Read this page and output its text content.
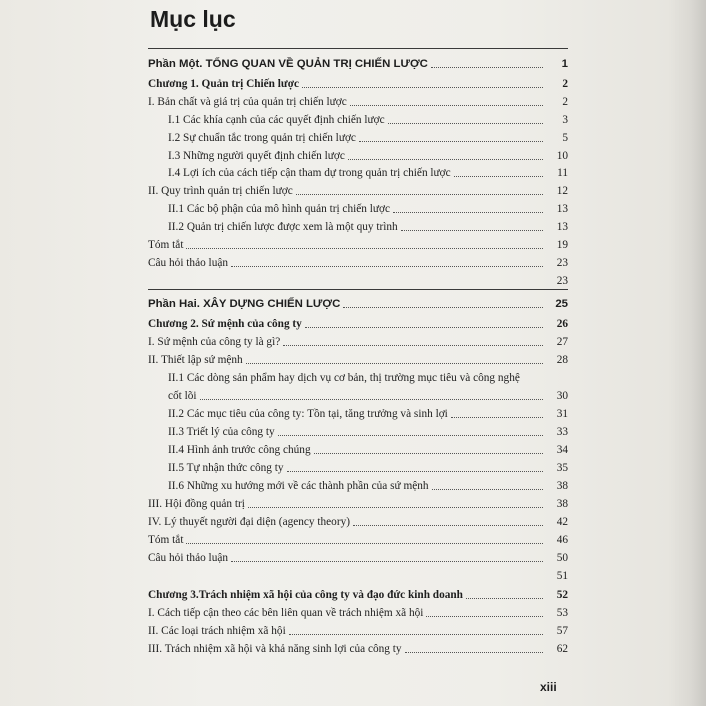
Mục lục
Phần Một. TỔNG QUAN VỀ QUẢN TRỊ CHIẾN LƯỢC	1
Chương 1. Quản trị Chiến lược	2
I. Bản chất và giá trị của quản trị chiến lược	2
I.1 Các khía cạnh của các quyết định chiến lược	3
I.2 Sự chuẩn tắc trong quản trị chiến lược	5
I.3 Những người quyết định chiến lược	10
I.4 Lợi ích của cách tiếp cận tham dự trong quản trị chiến lược	11
II. Quy trình quản trị chiến lược	12
II.1 Các bộ phận của mô hình quản trị chiến lược	13
II.2 Quản trị chiến lược được xem là một quy trình	13
Tóm tắt	19
Câu hỏi thảo luận	23
23
Phần Hai. XÂY DỰNG CHIẾN LƯỢC	25
Chương 2. Sứ mệnh của công ty	26
I. Sứ mệnh của công ty là gì?	27
II. Thiết lập sứ mệnh	28
II.1 Các dòng sản phẩm hay dịch vụ cơ bản, thị trường mục tiêu và công nghệ
cốt lõi	30
II.2 Các mục tiêu của công ty: Tồn tại, tăng trưởng và sinh lợi	31
II.3 Triết lý của công ty	33
II.4 Hình ảnh trước công chúng	34
II.5 Tự nhận thức công ty	35
II.6 Những xu hướng mới về các thành phần của sứ mệnh	38
III. Hội đồng quản trị	38
IV. Lý thuyết người đại diện (agency theory)	42
Tóm tắt	46
Câu hỏi thảo luận	50
51
Chương 3.Trách nhiệm xã hội của công ty và đạo đức kinh doanh	52
I. Cách tiếp cận theo các bên liên quan về trách nhiệm xã hội	53
II. Các loại trách nhiệm xã hội	57
III. Trách nhiệm xã hội và khả năng sinh lợi của công ty	62
xiii
